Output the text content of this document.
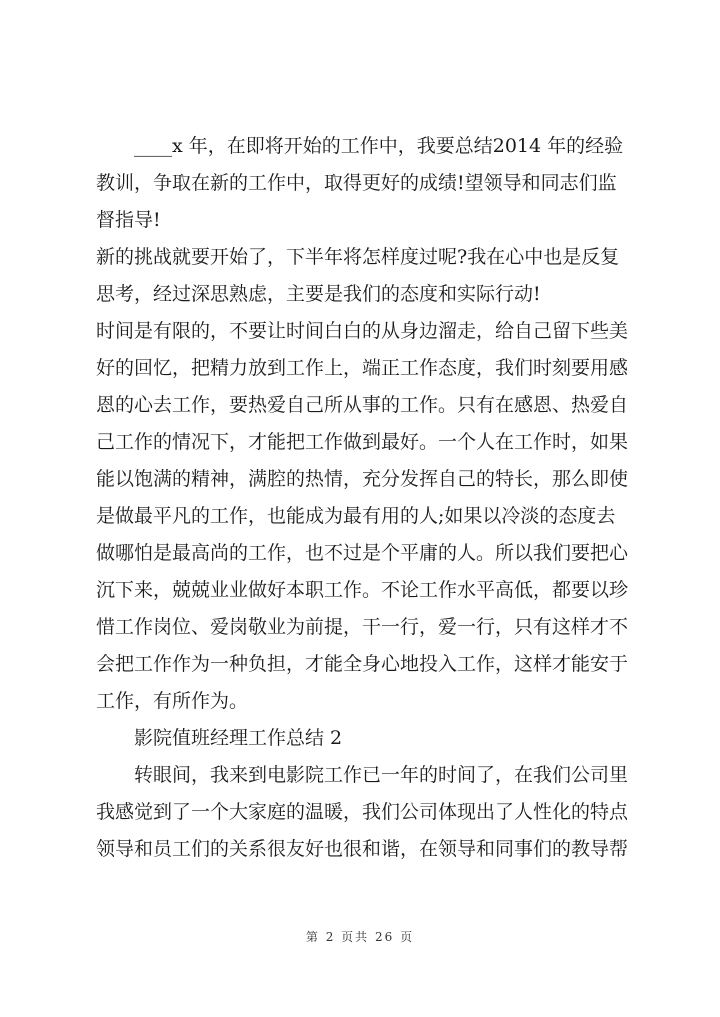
____x 年，在即将开始的工作中，我要总结2014 年的经验
教训，争取在新的工作中，取得更好的成绩!望领导和同志们监
督指导!
新的挑战就要开始了，下半年将怎样度过呢?我在心中也是反复
思考，经过深思熟虑，主要是我们的态度和实际行动!
时间是有限的，不要让时间白白的从身边溜走，给自己留下些美
好的回忆，把精力放到工作上，端正工作态度，我们时刻要用感
恩的心去工作，要热爱自己所从事的工作。只有在感恩、热爱自
己工作的情况下，才能把工作做到最好。一个人在工作时，如果
能以饱满的精神，满腔的热情，充分发挥自己的特长，那么即使
是做最平凡的工作，也能成为最有用的人;如果以冷淡的态度去
做哪怕是最高尚的工作，也不过是个平庸的人。所以我们要把心
沉下来，兢兢业业做好本职工作。不论工作水平高低，都要以珍
惜工作岗位、爱岗敬业为前提，干一行，爱一行，只有这样才不
会把工作作为一种负担，才能全身心地投入工作，这样才能安于
工作，有所作为。
影院值班经理工作总结 2
转眼间，我来到电影院工作已一年的时间了，在我们公司里
我感觉到了一个大家庭的温暖，我们公司体现出了人性化的特点
领导和员工们的关系很友好也很和谐，在领导和同事们的教导帮
第 2 页共 26 页
